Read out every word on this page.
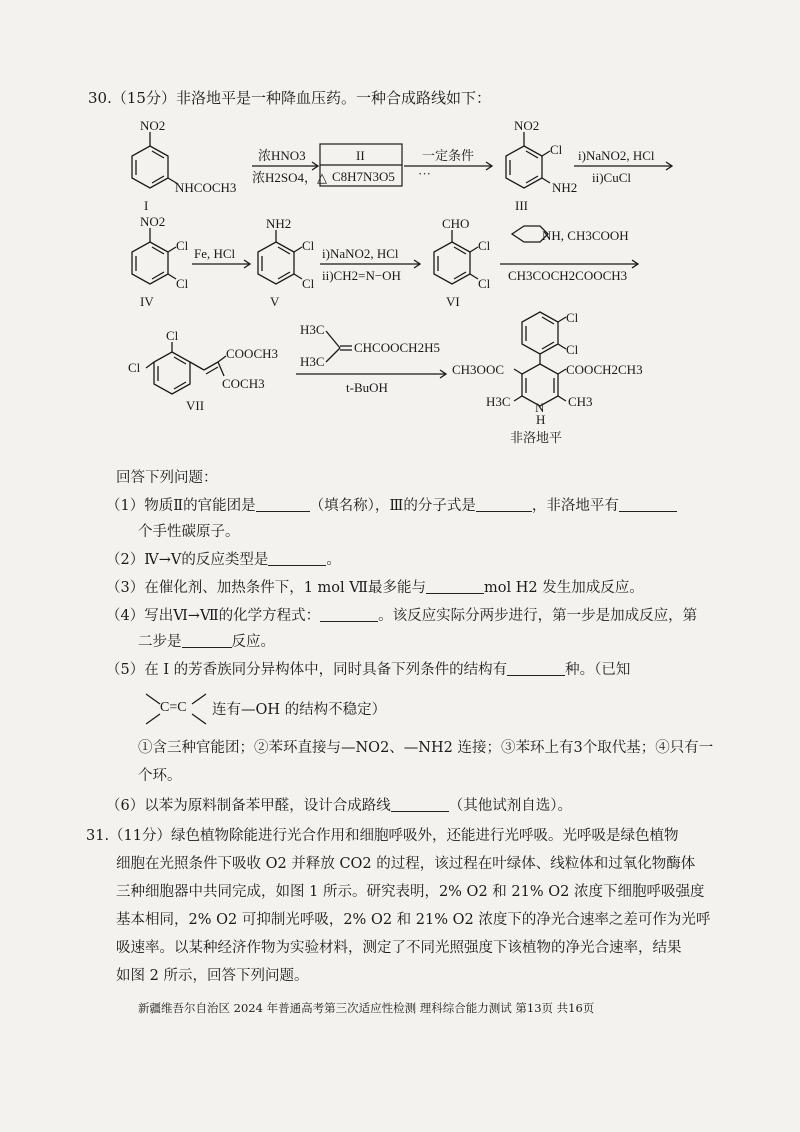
30.（15分）非洛地平是一种降血压药。一种合成路线如下：
NO2
NHCOCH3
I
浓HNO3
浓H2SO4，△
II
C8H7N3O5
一定条件
···
NO2
Cl
NH2
III
i)NaNO2, HCl
ii)CuCl
NO2
Cl
Cl
IV
Fe, HCl
NH2
Cl
Cl
V
i)NaNO2, HCl
ii)CH2=N−OH
CHO
Cl
Cl
VI
NH, CH3COOH
CH3COCH2COOCH3
Cl
Cl
COOCH3
COCH3
VII
H3C
H3C
CHCOOCH2H5
t-BuOH
Cl
Cl
CH3OOC	COOCH2CH3
H3C	CH3
N
H
非洛地平
回答下列问题：
（1）物质Ⅱ的官能团是	（填名称），Ⅲ的分子式是	，非洛地平有
个手性碳原子。
（2）Ⅳ→Ⅴ的反应类型是	。
（3）在催化剂、加热条件下，1 mol Ⅶ最多能与	mol H2 发生加成反应。
（4）写出Ⅵ→Ⅶ的化学方程式：	。该反应实际分两步进行，第一步是加成反应，第
二步是	反应。
（5）在 Ⅰ 的芳香族同分异构体中，同时具备下列条件的结构有	种。（已知
C=C 连有—OH 的结构不稳定）
①含三种官能团；②苯环直接与—NO2、—NH2 连接；③苯环上有3个取代基；④只有一
个环。
（6）以苯为原料制备苯甲醛，设计合成路线	（其他试剂自选）。
31.（11分）绿色植物除能进行光合作用和细胞呼吸外，还能进行光呼吸。光呼吸是绿色植物
细胞在光照条件下吸收 O2 并释放 CO2 的过程，该过程在叶绿体、线粒体和过氧化物酶体
三种细胞器中共同完成，如图 1 所示。研究表明，2% O2 和 21% O2 浓度下细胞呼吸强度
基本相同，2% O2 可抑制光呼吸，2% O2 和 21% O2 浓度下的净光合速率之差可作为光呼
吸速率。以某种经济作物为实验材料，测定了不同光照强度下该植物的净光合速率，结果
如图 2 所示，回答下列问题。
新疆维吾尔自治区 2024 年普通高考第三次适应性检测 理科综合能力测试 第13页 共16页
